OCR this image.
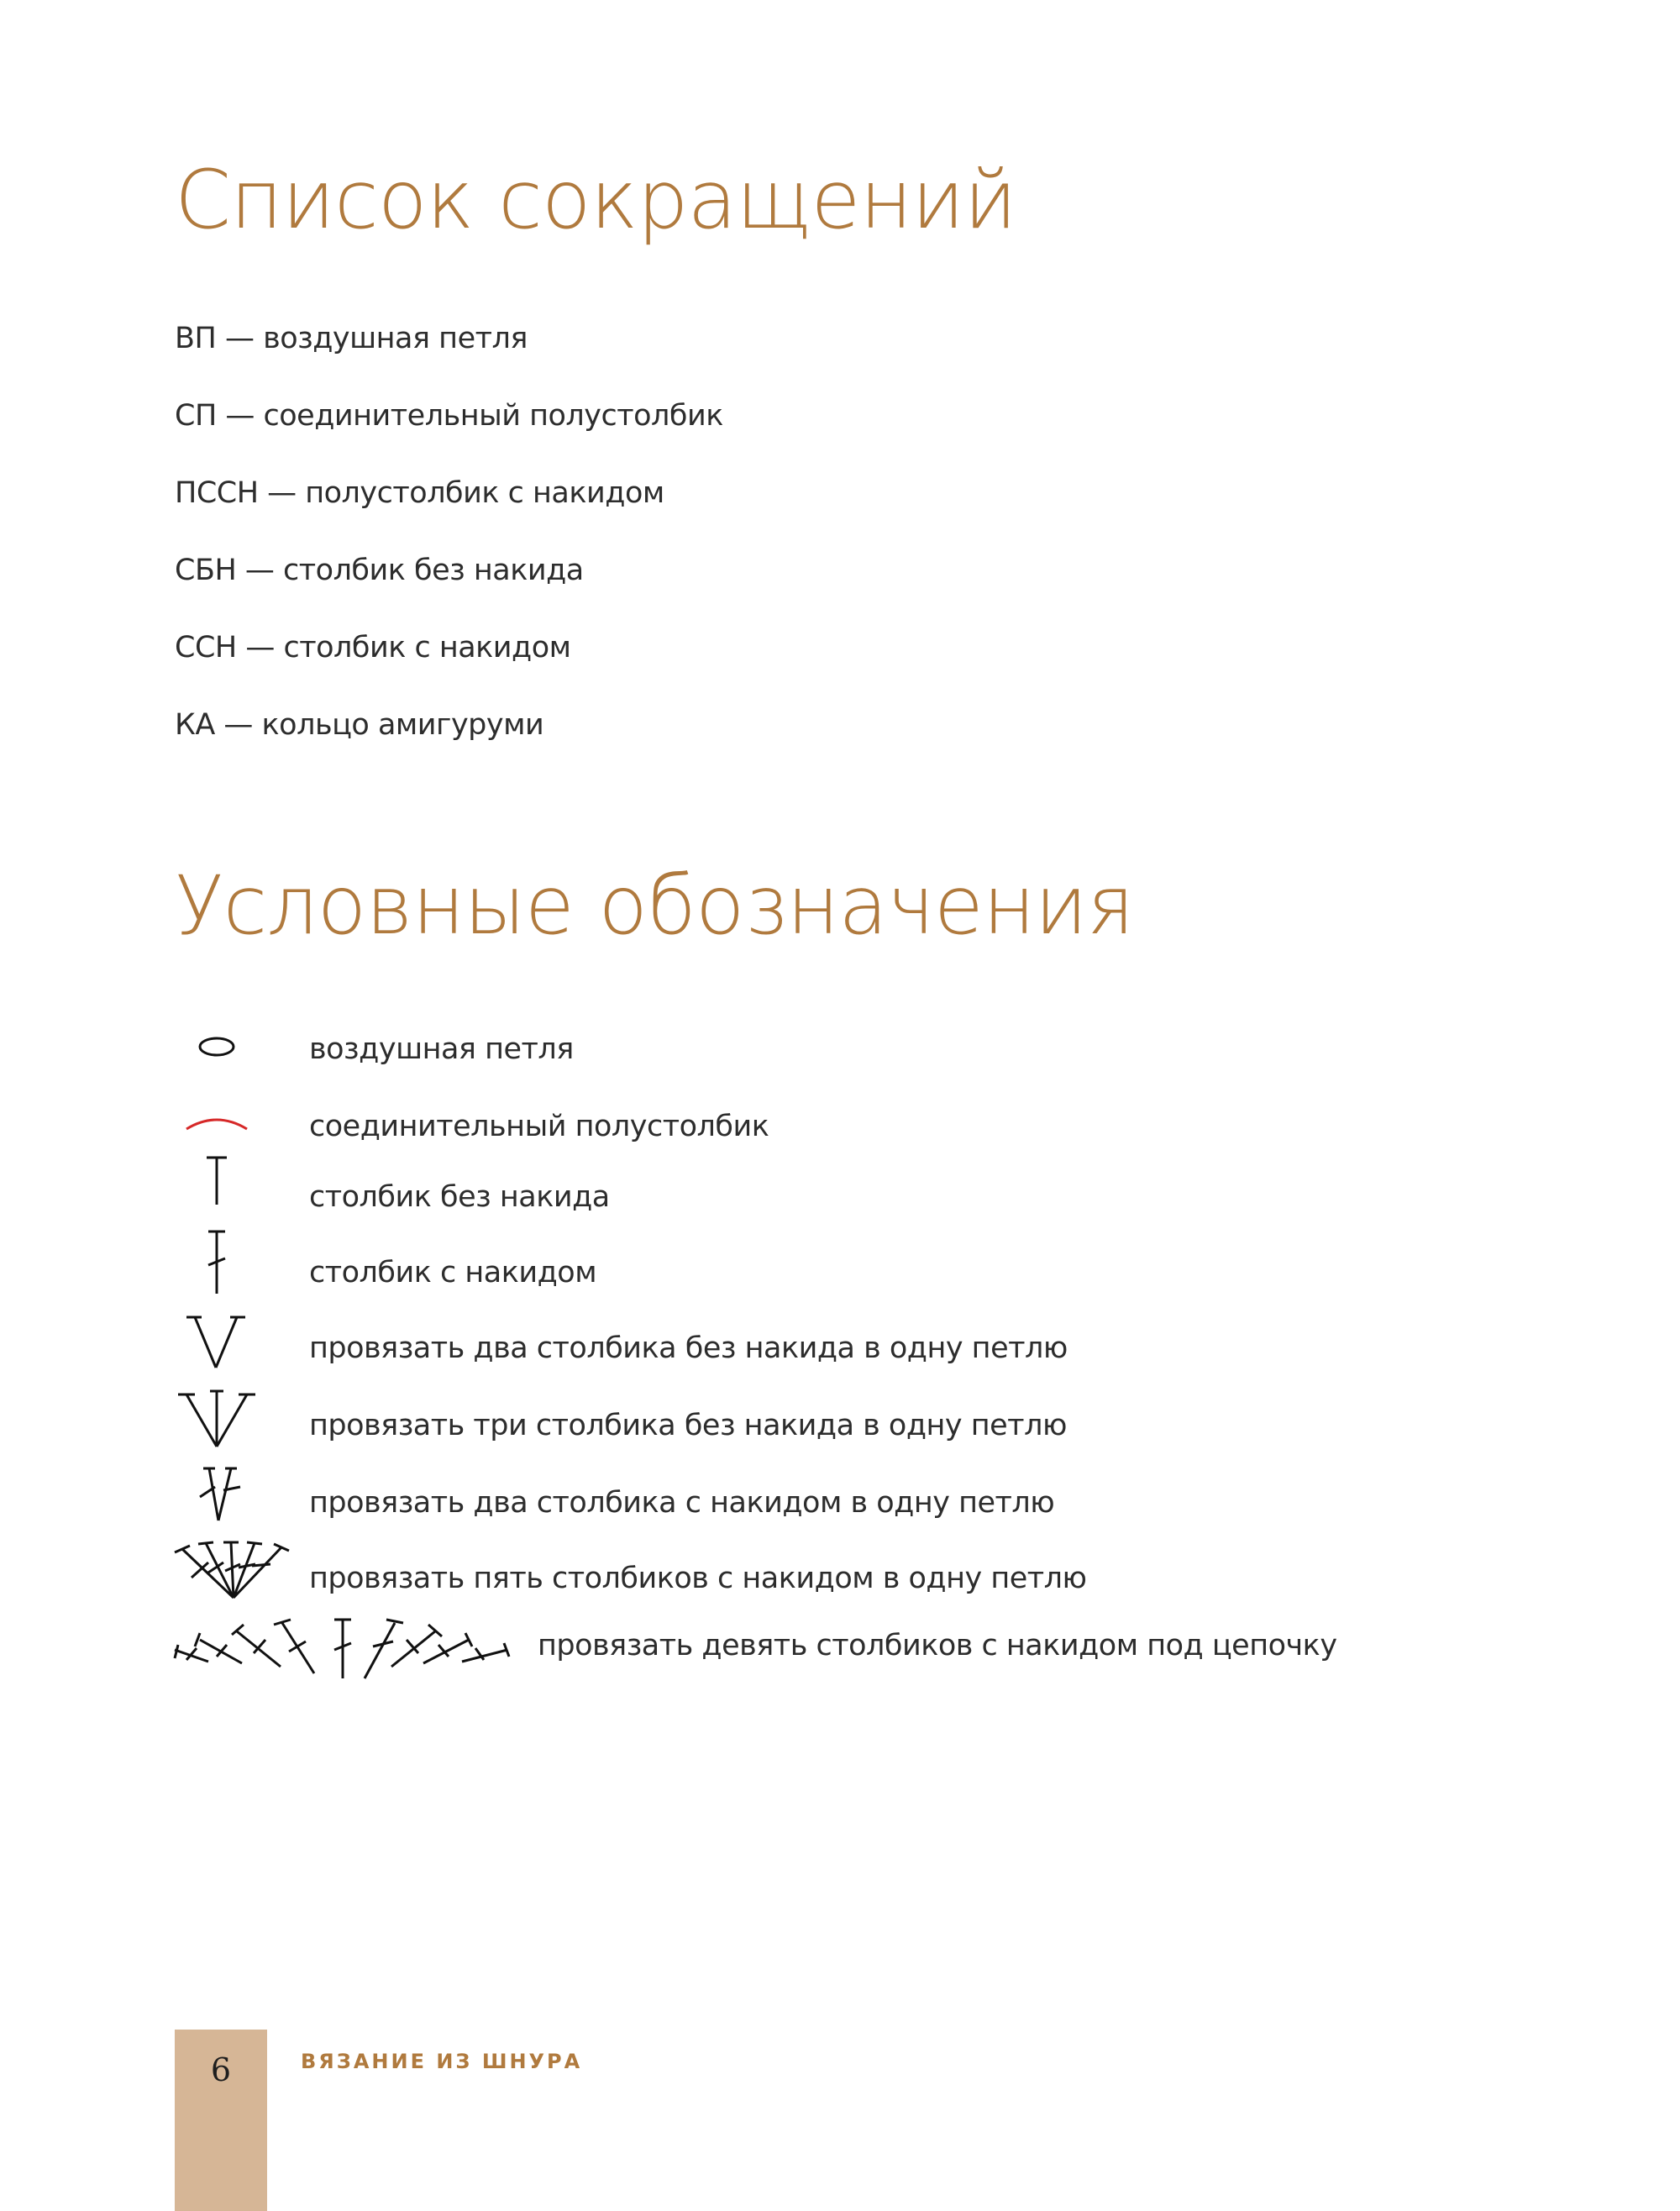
Список сокращений
ВП — воздушная петля
СП — соединительный полустолбик
ПССН — полустолбик с накидом
СБН — столбик без накида
ССН — столбик с накидом
КА — кольцо амигуруми
Условные обозначения
воздушная петля
соединительный полустолбик
столбик без накида
столбик с накидом
провязать два столбика без накида в одну петлю
провязать три столбика без накида в одну петлю
провязать два столбика с накидом в одну петлю
провязать пять столбиков с накидом в одну петлю
провязать девять столбиков с накидом под цепочку
6	ВЯЗАНИЕ ИЗ ШНУРА
